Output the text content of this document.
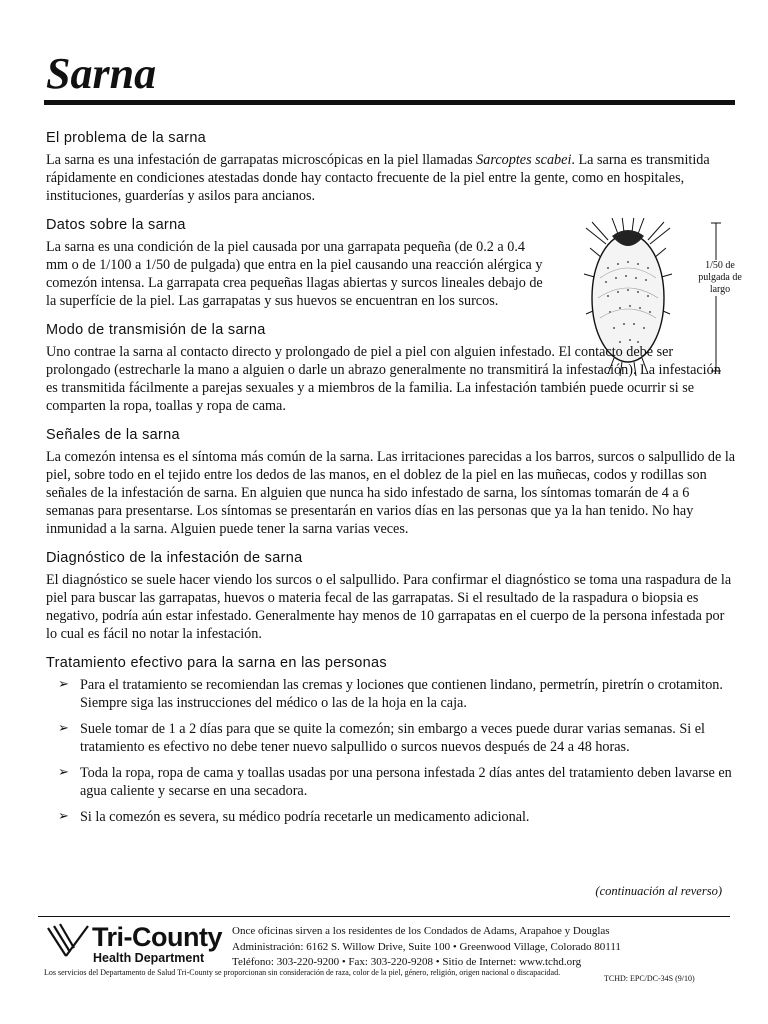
Sarna
1/50 de pulgada de largo
El problema de la sarna

La sarna es una infestación de garrapatas microscópicas en la piel llamadas Sarcoptes scabei. La sarna es transmitida rápidamente en condiciones atestadas donde hay contacto frecuente de la piel entre la gente, como en hospitales, instituciones, guarderías y asilos para ancianos.

Datos sobre la sarna

La sarna es una condición de la piel causada por una garrapata pequeña (de 0.2 a 0.4 mm o de 1/100 a 1/50 de pulgada) que entra en la piel causando una reacción alérgica y comezón intensa. La garrapata crea pequeñas llagas abiertas y surcos lineales debajo de la superfície de la piel. Las garrapatas y sus huevos se encuentran en los surcos.

Modo de transmisión de la sarna

Uno contrae la sarna al contacto directo y prolongado de piel a piel con alguien infestado. El contacto debe ser prolongado (estrecharle la mano a alguien o darle un abrazo generalmente no transmitirá la infestación). La infestación es transmitida fácilmente a parejas sexuales y a miembros de la familia. La infestación también puede ocurrir si se comparten la ropa, toallas y ropa de cama.

Señales de la sarna

La comezón intensa es el síntoma más común de la sarna. Las irritaciones parecidas a los barros, surcos o salpullido de la piel, sobre todo en el tejido entre los dedos de las manos, en el doblez de la piel en las muñecas, codos y rodillas son señales de la infestación de sarna. En alguien que nunca ha sido infestado de sarna, los síntomas tomarán de 4 a 6 semanas para presentarse. Los síntomas se presentarán en varios días en las personas que ya la han tenido. No hay inmunidad a la sarna. Alguien puede tener la sarna varias veces.

Diagnóstico de la infestación de sarna

El diagnóstico se suele hacer viendo los surcos o el salpullido. Para confirmar el diagnóstico se toma una raspadura de la piel para buscar las garrapatas, huevos o materia fecal de las garrapatas. Si el resultado de la raspadura o biopsia es negativo, podría aún estar infestado. Generalmente hay menos de 10 garrapatas en el cuerpo de la persona infestada por lo cual es fácil no notar la infestación.

Tratamiento efectivo para la sarna en las personas
➢ Para el tratamiento se recomiendan las cremas y lociones que contienen lindano, permetrín, piretrín o crotamiton. Siempre siga las instrucciones del médico o las de la hoja en la caja.
➢ Suele tomar de 1 a 2 días para que se quite la comezón; sin embargo a veces puede durar varias semanas. Si el tratamiento es efectivo no debe tener nuevo salpullido o surcos nuevos después de 24 a 48 horas.
➢ Toda la ropa, ropa de cama y toallas usadas por una persona infestada 2 días antes del tratamiento deben lavarse en agua caliente y secarse en una secadora.
➢ Si la comezón es severa, su médico podría recetarle un medicamento adicional.
(continuación al reverso)
Tri-County
Health Department
Once oficinas sirven a los residentes de los Condados de Adams, Arapahoe y Douglas
Administración: 6162 S. Willow Drive, Suite 100 • Greenwood Village, Colorado 80111
Teléfono: 303-220-9200 • Fax: 303-220-9208 • Sitio de Internet: www.tchd.org
Los servicios del Departamento de Salud Tri-County se proporcionan sin consideración de raza, color de la piel, género, religión, origen nacional o discapacidad.
TCHD: EPC/DC-34S (9/10)
